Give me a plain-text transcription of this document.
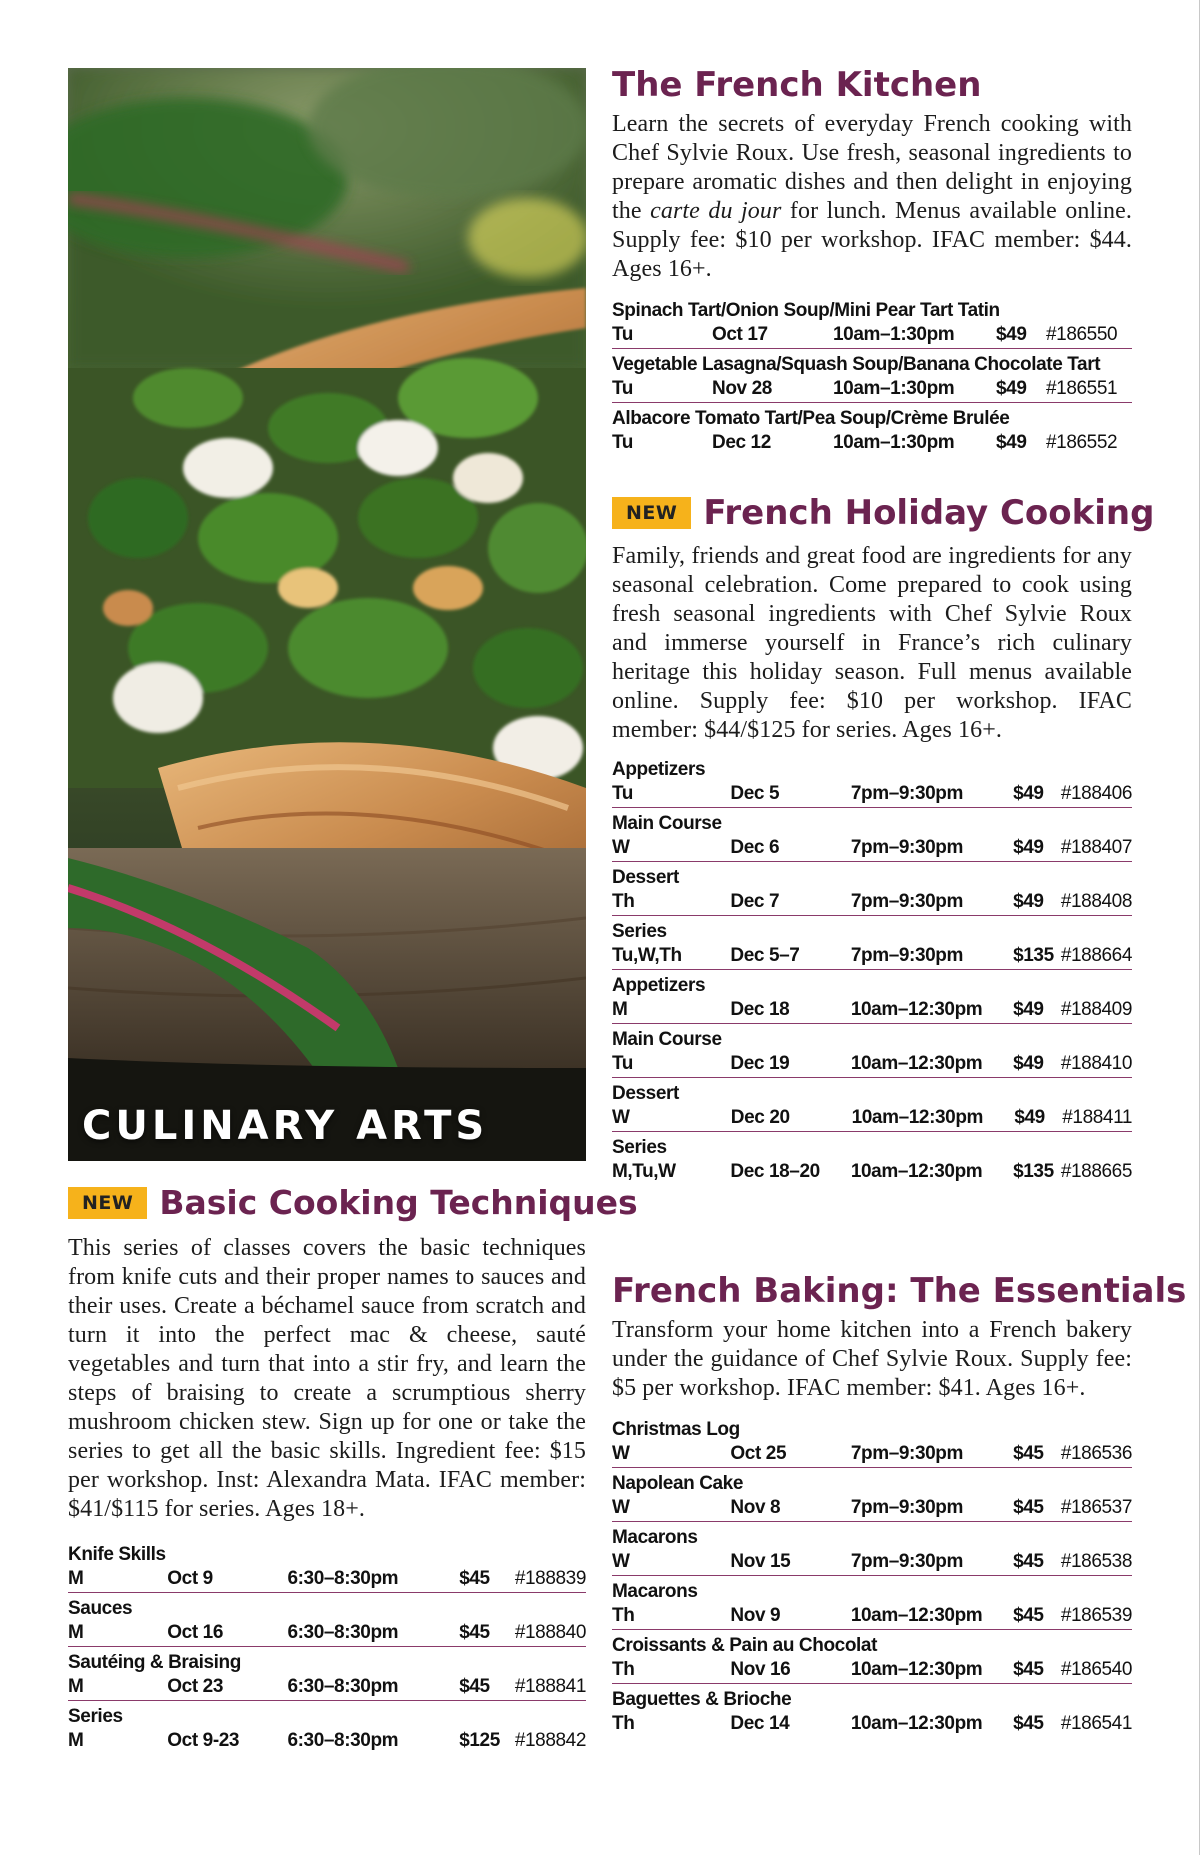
CULINARY ARTS
NEW Basic Cooking Techniques

This series of classes covers the basic techniques from knife cuts and their proper names to sauces and their uses. Create a béchamel sauce from scratch and turn it into the perfect mac & cheese, sauté vegetables and turn that into a stir fry, and learn the steps of braising to create a scrumptious sherry mushroom chicken stew. Sign up for one or take the series to get all the basic skills. Ingredient fee: $15 per workshop. Inst: Alexandra Mata. IFAC member: $41/$115 for series. Ages 18+.

Knife Skills
M	Oct 9	6:30–8:30pm	$45	#188839
Sauces
M	Oct 16	6:30–8:30pm	$45	#188840
Sautéing & Braising
M	Oct 23	6:30–8:30pm	$45	#188841
Series
M	Oct 9-23	6:30–8:30pm	$125 #188842
The French Kitchen

Learn the secrets of everyday French cooking with Chef Sylvie Roux. Use fresh, seasonal ingredients to prepare aromatic dishes and then delight in enjoying the carte du jour for lunch. Menus available online. Supply fee: $10 per workshop. IFAC member: $44. Ages 16+.

Spinach Tart/Onion Soup/Mini Pear Tart Tatin
Tu	Oct 17	10am–1:30pm	$49	#186550
Vegetable Lasagna/Squash Soup/Banana Chocolate Tart
Tu	Nov 28	10am–1:30pm	$49	#186551
Albacore Tomato Tart/Pea Soup/Crème Brulée
Tu	Dec 12	10am–1:30pm	$49	#186552
NEW French Holiday Cooking

Family, friends and great food are ingredients for any seasonal celebration. Come prepared to cook using fresh seasonal ingredients with Chef Sylvie Roux and immerse yourself in France’s rich culinary heritage this holiday season. Full menus available online. Supply fee: $10 per workshop. IFAC member: $44/$125 for series. Ages 16+.

Appetizers
Tu	Dec 5	7pm–9:30pm	$49 #188406
Main Course
W	Dec 6	7pm–9:30pm	$49 #188407
Dessert
Th	Dec 7	7pm–9:30pm	$49 #188408
Series
Tu,W,Th	Dec 5–7	7pm–9:30pm	$135 #188664
Appetizers
M	Dec 18	10am–12:30pm	$49 #188409
Main Course
Tu	Dec 19	10am–12:30pm	$49 #188410
Dessert
W	Dec 20	10am–12:30pm	$49 #188411
Series
M,Tu,W	Dec 18–20	10am–12:30pm	$135 #188665
French Baking: The Essentials

Transform your home kitchen into a French bakery under the guidance of Chef Sylvie Roux. Supply fee: $5 per workshop. IFAC member: $41. Ages 16+.

Christmas Log
W	Oct 25	7pm–9:30pm	$45 #186536
Napolean Cake
W	Nov 8	7pm–9:30pm	$45 #186537
Macarons
W	Nov 15	7pm–9:30pm	$45 #186538
Macarons
Th	Nov 9	10am–12:30pm	$45 #186539
Croissants & Pain au Chocolat
Th	Nov 16	10am–12:30pm	$45 #186540
Baguettes & Brioche
Th	Dec 14	10am–12:30pm	$45 #186541
